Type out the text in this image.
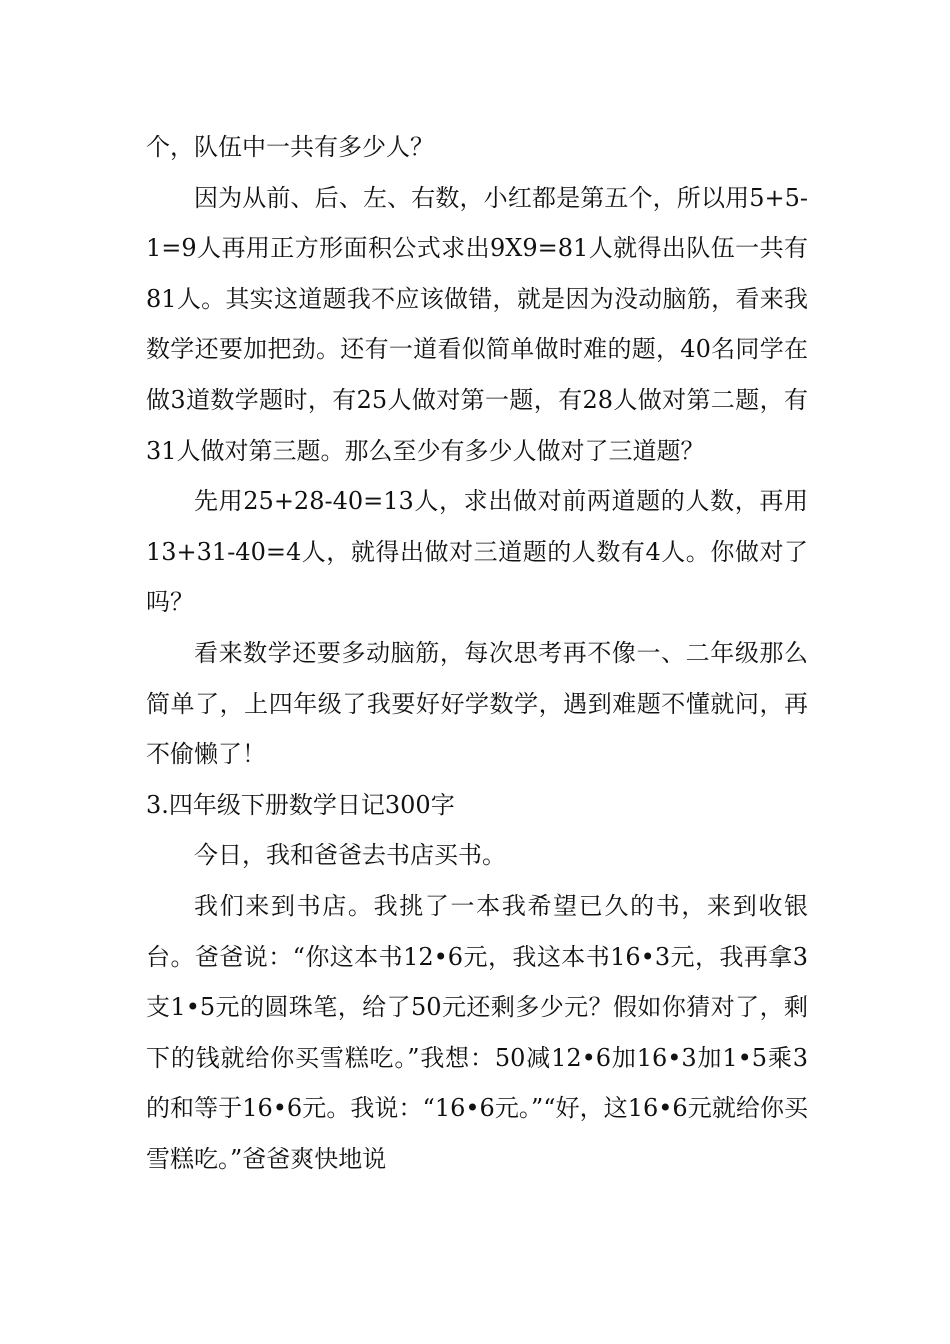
个，队伍中一共有多少人？

因为从前、后、左、右数，小红都是第五个，所以用5+5-1=9人再用正方形面积公式求出9X9=81人就得出队伍一共有81人。其实这道题我不应该做错，就是因为没动脑筋，看来我数学还要加把劲。还有一道看似简单做时难的题，40名同学在做3道数学题时，有25人做对第一题，有28人做对第二题，有31人做对第三题。那么至少有多少人做对了三道题？

先用25+28-40=13人，求出做对前两道题的人数，再用13+31-40=4人，就得出做对三道题的人数有4人。你做对了吗？

看来数学还要多动脑筋，每次思考再不像一、二年级那么简单了，上四年级了我要好好学数学，遇到难题不懂就问，再不偷懒了！

3.四年级下册数学日记300字

今日，我和爸爸去书店买书。

我们来到书店。我挑了一本我希望已久的书，来到收银台。爸爸说：“你这本书12•6元，我这本书16•3元，我再拿3支1•5元的圆珠笔，给了50元还剩多少元？假如你猜对了，剩下的钱就给你买雪糕吃。”我想：50减12•6加16•3加1•5乘3的和等于16•6元。我说：“16•6元。”“好，这16•6元就给你买雪糕吃。”爸爸爽快地说
